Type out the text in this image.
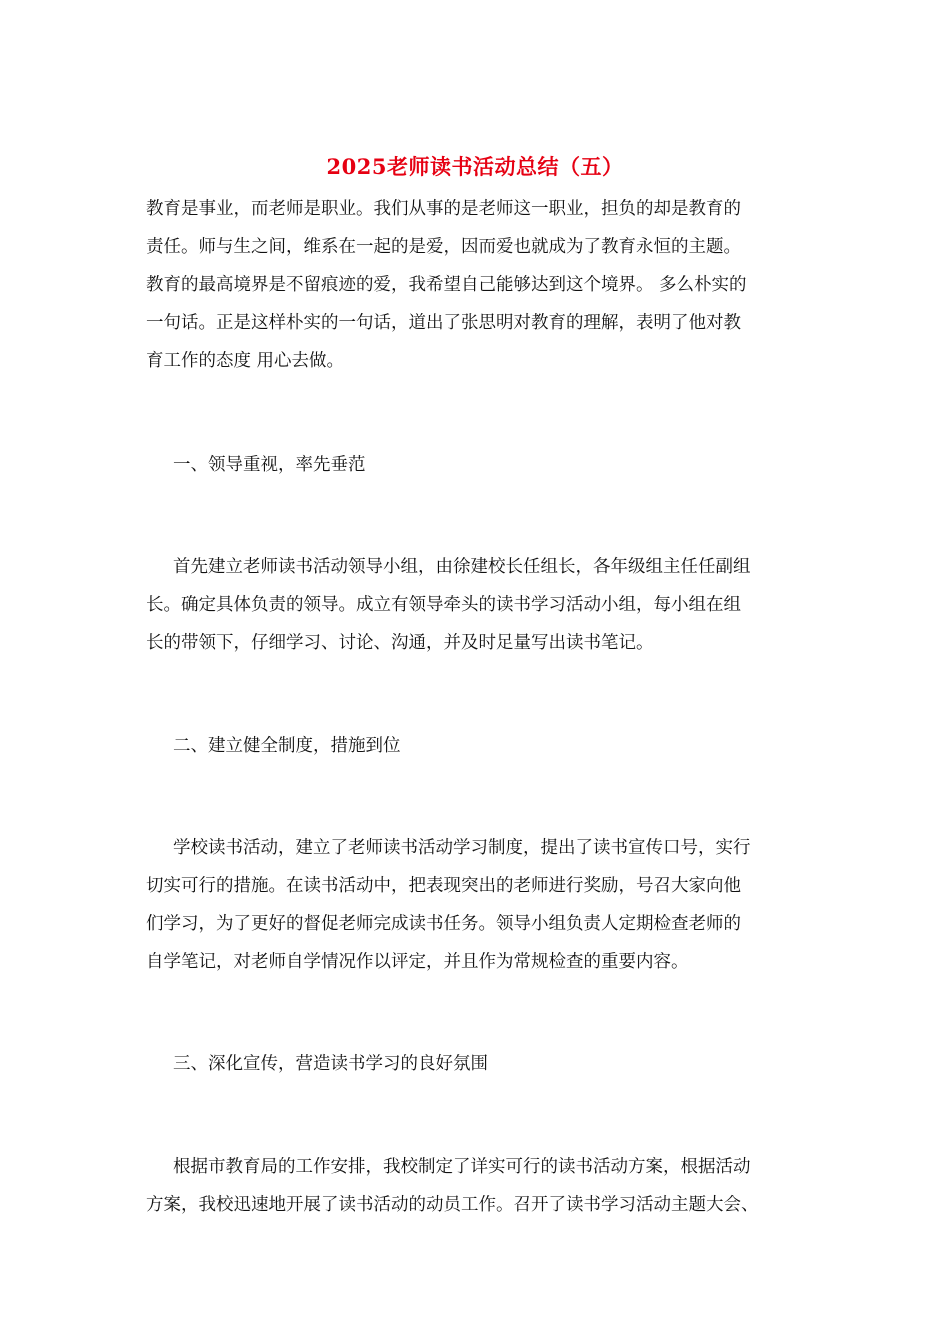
2025老师读书活动总结（五）
教育是事业，而老师是职业。我们从事的是老师这一职业，担负的却是教育的
责任。师与生之间，维系在一起的是爱，因而爱也就成为了教育永恒的主题。
教育的最高境界是不留痕迹的爱，我希望自己能够达到这个境界。 多么朴实的
一句话。正是这样朴实的一句话，道出了张思明对教育的理解，表明了他对教
育工作的态度 用心去做。
一、领导重视，率先垂范
首先建立老师读书活动领导小组，由徐建校长任组长，各年级组主任任副组
长。确定具体负责的领导。成立有领导牵头的读书学习活动小组，每小组在组
长的带领下，仔细学习、讨论、沟通，并及时足量写出读书笔记。
二、建立健全制度，措施到位
学校读书活动，建立了老师读书活动学习制度，提出了读书宣传口号，实行
切实可行的措施。在读书活动中，把表现突出的老师进行奖励，号召大家向他
们学习，为了更好的督促老师完成读书任务。领导小组负责人定期检查老师的
自学笔记，对老师自学情况作以评定，并且作为常规检查的重要内容。
三、深化宣传，营造读书学习的良好氛围
根据市教育局的工作安排，我校制定了详实可行的读书活动方案，根据活动
方案，我校迅速地开展了读书活动的动员工作。召开了读书学习活动主题大会、
